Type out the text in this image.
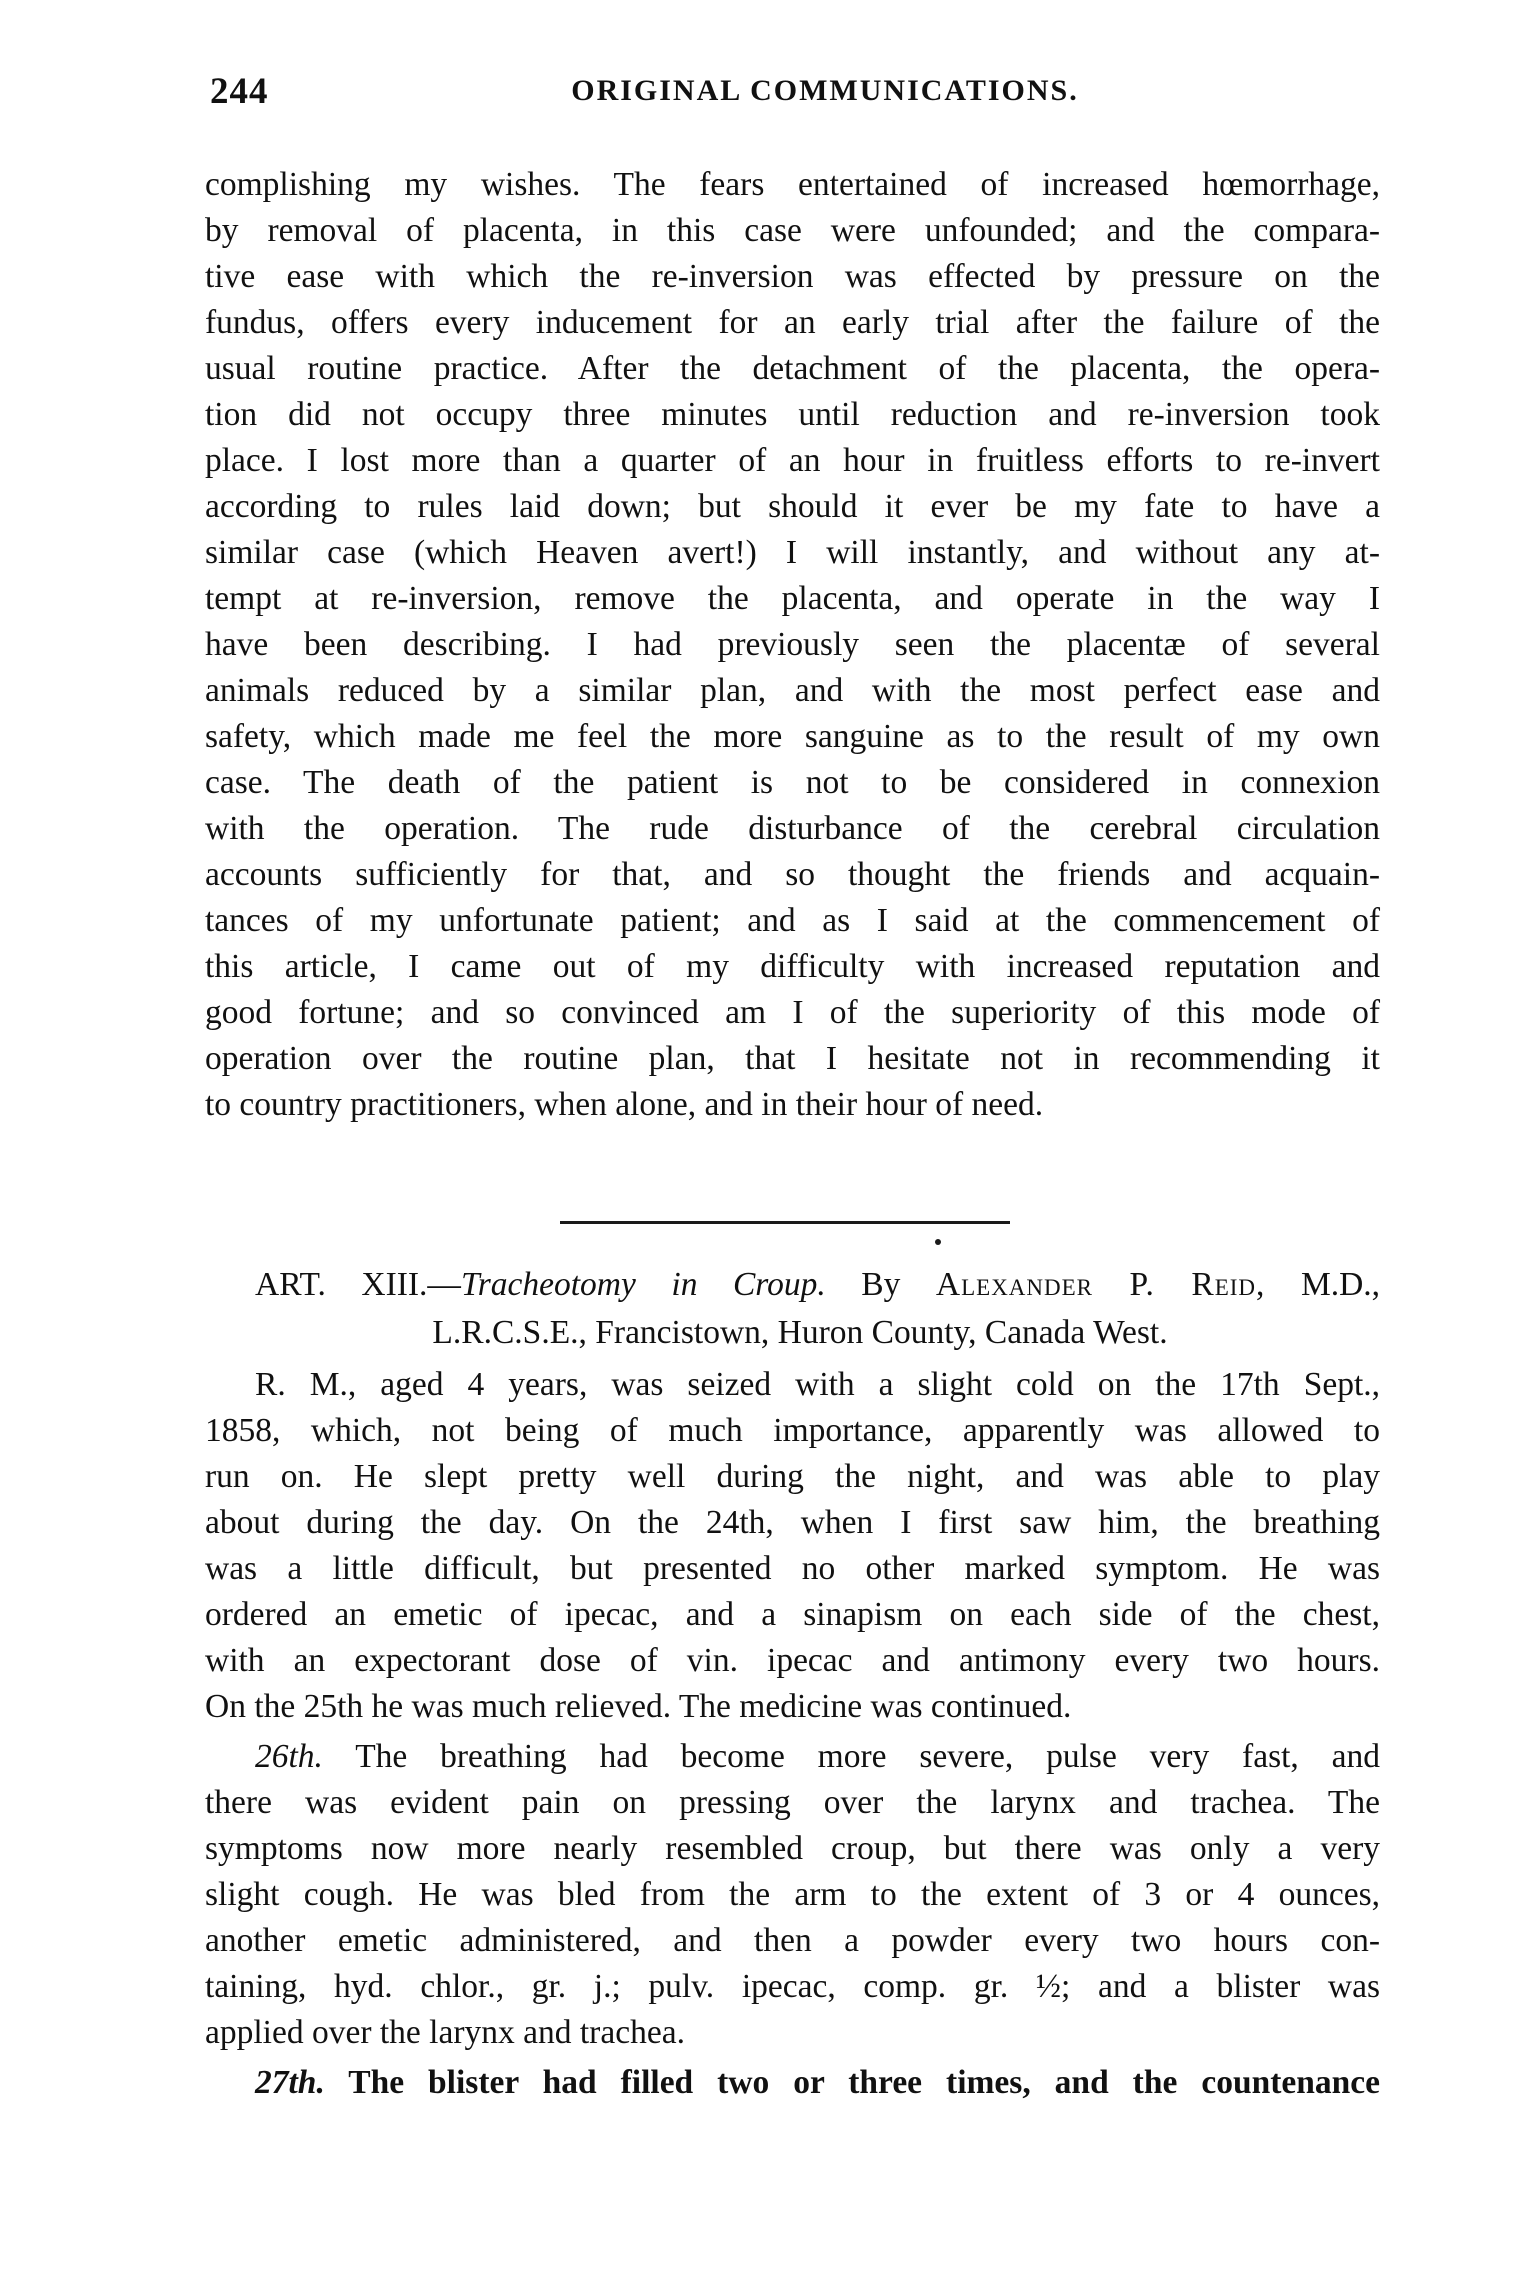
244	ORIGINAL COMMUNICATIONS.
complishing my wishes. The fears entertained of increased hœmorrhage,
by removal of placenta, in this case were unfounded; and the compara-
tive ease with which the re-inversion was effected by pressure on the
fundus, offers every inducement for an early trial after the failure of the
usual routine practice. After the detachment of the placenta, the opera-
tion did not occupy three minutes until reduction and re-inversion took
place. I lost more than a quarter of an hour in fruitless efforts to re-invert
according to rules laid down; but should it ever be my fate to have a
similar case (which Heaven avert!) I will instantly, and without any at-
tempt at re-inversion, remove the placenta, and operate in the way I
have been describing. I had previously seen the placentæ of several
animals reduced by a similar plan, and with the most perfect ease and
safety, which made me feel the more sanguine as to the result of my own
case. The death of the patient is not to be considered in connexion
with the operation. The rude disturbance of the cerebral circulation
accounts sufficiently for that, and so thought the friends and acquain-
tances of my unfortunate patient; and as I said at the commencement of
this article, I came out of my difficulty with increased reputation and
good fortune; and so convinced am I of the superiority of this mode of
operation over the routine plan, that I hesitate not in recommending it
to country practitioners, when alone, and in their hour of need.
ART. XIII.—Tracheotomy in Croup. By Alexander P. Reid, M.D.,
L.R.C.S.E., Francistown, Huron County, Canada West.
R. M., aged 4 years, was seized with a slight cold on the 17th Sept.,
1858, which, not being of much importance, apparently was allowed to
run on. He slept pretty well during the night, and was able to play
about during the day. On the 24th, when I first saw him, the breathing
was a little difficult, but presented no other marked symptom. He was
ordered an emetic of ipecac, and a sinapism on each side of the chest,
with an expectorant dose of vin. ipecac and antimony every two hours.
On the 25th he was much relieved. The medicine was continued.
26th. The breathing had become more severe, pulse very fast, and
there was evident pain on pressing over the larynx and trachea. The
symptoms now more nearly resembled croup, but there was only a very
slight cough. He was bled from the arm to the extent of 3 or 4 ounces,
another emetic administered, and then a powder every two hours con-
taining, hyd. chlor., gr. j.; pulv. ipecac, comp. gr. ½; and a blister was
applied over the larynx and trachea.
27th. The blister had filled two or three times, and the countenance
